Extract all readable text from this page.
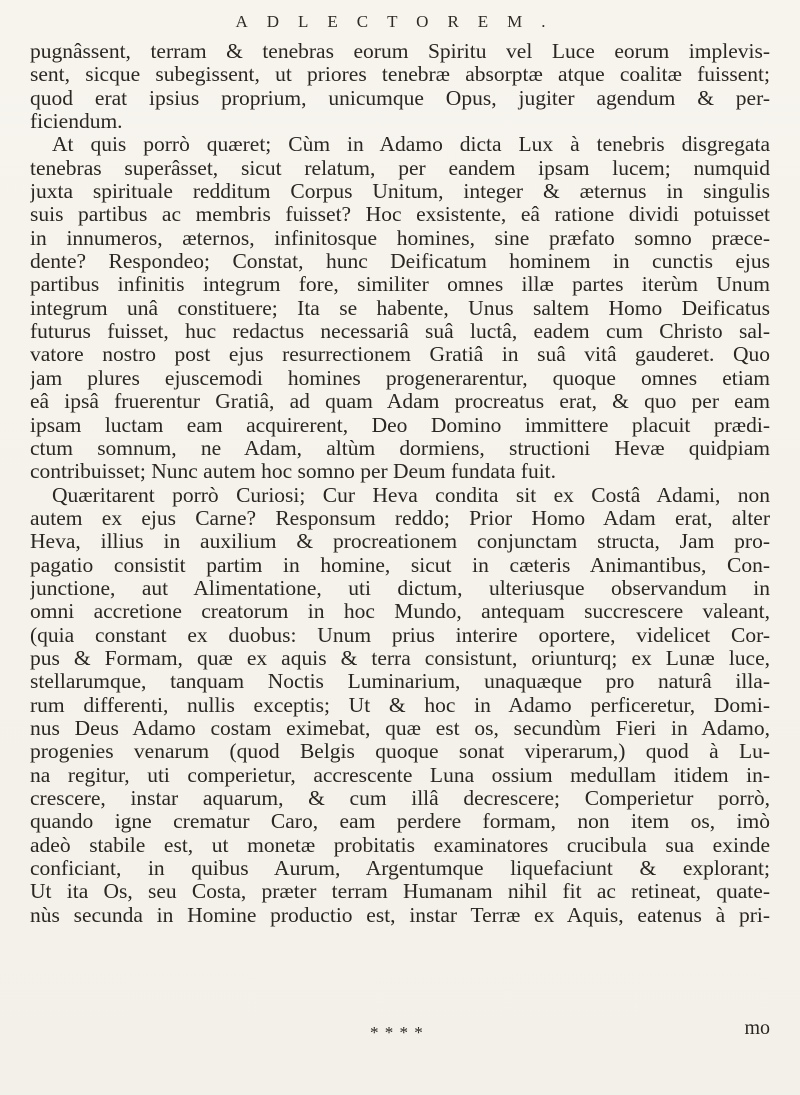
ADLECTOREM.
pugnâssent, terram & tenebras eorum Spiritu vel Luce eorum implevis-
sent, sicque subegissent, ut priores tenebræ absorptæ atque coalitæ fuissent;
quod erat ipsius proprium, unicumque Opus, jugiter agendum & per-
ficiendum.
At quis porrò quæret; Cùm in Adamo dicta Lux à tenebris disgregata
tenebras superâsset, sicut relatum, per eandem ipsam lucem; numquid
juxta spirituale redditum Corpus Unitum, integer & æternus in singulis
suis partibus ac membris fuisset? Hoc exsistente, eâ ratione dividi potuisset
in innumeros, æternos, infinitosque homines, sine præfato somno præce-
dente? Respondeo; Constat, hunc Deificatum hominem in cunctis ejus
partibus infinitis integrum fore, similiter omnes illæ partes iterùm Unum
integrum unâ constituere; Ita se habente, Unus saltem Homo Deificatus
futurus fuisset, huc redactus necessariâ suâ luctâ, eadem cum Christo sal-
vatore nostro post ejus resurrectionem Gratiâ in suâ vitâ gauderet. Quo
jam plures ejuscemodi homines progenerarentur, quoque omnes etiam
eâ ipsâ fruerentur Gratiâ, ad quam Adam procreatus erat, & quo per eam
ipsam luctam eam acquirerent, Deo Domino immittere placuit prædi-
ctum somnum, ne Adam, altùm dormiens, structioni Hevæ quidpiam
contribuisset; Nunc autem hoc somno per Deum fundata fuit.
Quæritarent porrò Curiosi; Cur Heva condita sit ex Costâ Adami, non
autem ex ejus Carne? Responsum reddo; Prior Homo Adam erat, alter
Heva, illius in auxilium & procreationem conjunctam structa, Jam pro-
pagatio consistit partim in homine, sicut in cæteris Animantibus, Con-
junctione, aut Alimentatione, uti dictum, ulteriusque observandum in
omni accretione creatorum in hoc Mundo, antequam succrescere valeant,
(quia constant ex duobus: Unum prius interire oportere, videlicet Cor-
pus & Formam, quæ ex aquis & terra consistunt, oriunturq; ex Lunæ luce,
stellarumque, tanquam Noctis Luminarium, unaquæque pro naturâ illa-
rum differenti, nullis exceptis; Ut & hoc in Adamo perficeretur, Domi-
nus Deus Adamo costam eximebat, quæ est os, secundùm Fieri in Adamo,
progenies venarum (quod Belgis quoque sonat viperarum,) quod à Lu-
na regitur, uti comperietur, accrescente Luna ossium medullam itidem in-
crescere, instar aquarum, & cum illâ decrescere; Comperietur porrò,
quando igne crematur Caro, eam perdere formam, non item os, imò
adeò stabile est, ut monetæ probitatis examinatores crucibula sua exinde
conficiant, in quibus Aurum, Argentumque liquefaciunt & explorant;
Ut ita Os, seu Costa, præter terram Humanam nihil fit ac retineat, quate-
nùs secunda in Homine productio est, instar Terræ ex Aquis, eatenus à pri-
* * * *	mo
